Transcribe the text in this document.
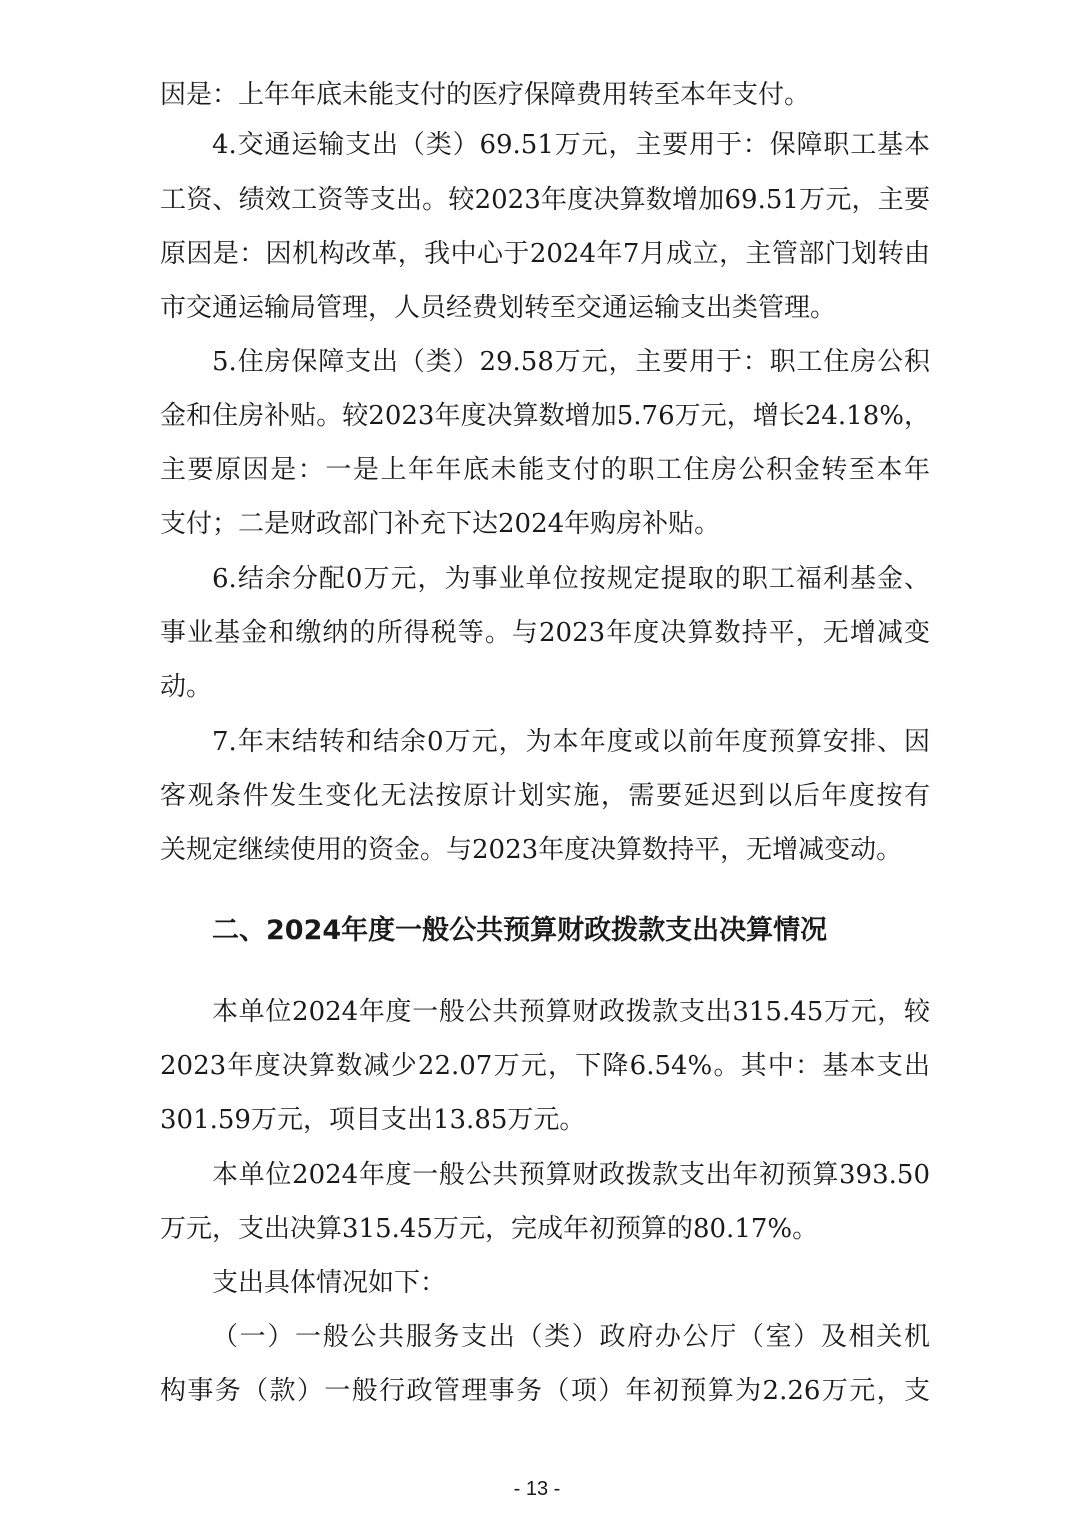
因是：上年年底未能支付的医疗保障费用转至本年支付。
4.交通运输支出（类）69.51万元，主要用于：保障职工基本
工资、绩效工资等支出。较2023年度决算数增加69.51万元，主要
原因是：因机构改革，我中心于2024年7月成立，主管部门划转由
市交通运输局管理，人员经费划转至交通运输支出类管理。
5.住房保障支出（类）29.58万元，主要用于：职工住房公积
金和住房补贴。较2023年度决算数增加5.76万元，增长24.18%，
主要原因是：一是上年年底未能支付的职工住房公积金转至本年
支付；二是财政部门补充下达2024年购房补贴。
6.结余分配0万元，为事业单位按规定提取的职工福利基金、
事业基金和缴纳的所得税等。与2023年度决算数持平，无增减变
动。
7.年末结转和结余0万元，为本年度或以前年度预算安排、因
客观条件发生变化无法按原计划实施，需要延迟到以后年度按有
关规定继续使用的资金。与2023年度决算数持平，无增减变动。
二、2024年度一般公共预算财政拨款支出决算情况
本单位2024年度一般公共预算财政拨款支出315.45万元，较
2023年度决算数减少22.07万元，下降6.54%。其中：基本支出
301.59万元，项目支出13.85万元。
本单位2024年度一般公共预算财政拨款支出年初预算393.50
万元，支出决算315.45万元，完成年初预算的80.17%。
支出具体情况如下：
（一）一般公共服务支出（类）政府办公厅（室）及相关机
构事务（款）一般行政管理事务（项）年初预算为2.26万元，支
- 13 -
